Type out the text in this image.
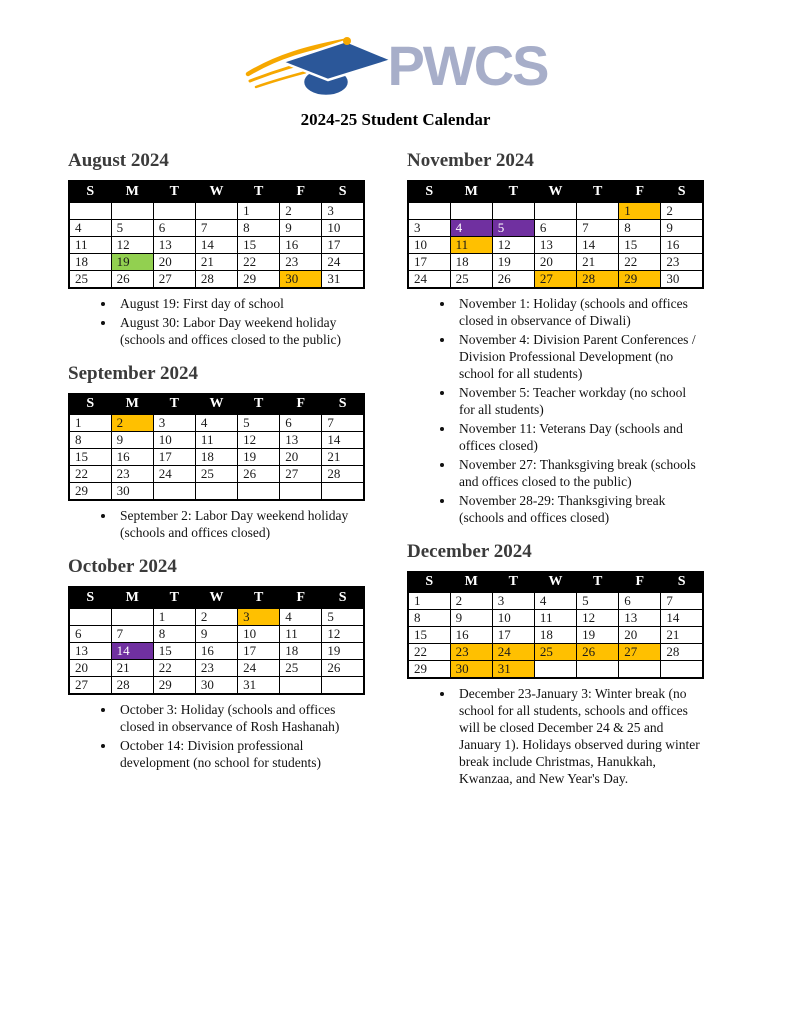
PWCS
2024-25 Student Calendar
August 2024
S	M	T	W	T	F	S
				1	2	3
4	5	6	7	8	9	10
11	12	13	14	15	16	17
18	19	20	21	22	23	24
25	26	27	28	29	30	31
• August 19: First day of school
• August 30: Labor Day weekend holiday (schools and offices closed to the public)
September 2024
S	M	T	W	T	F	S
1	2	3	4	5	6	7
8	9	10	11	12	13	14
15	16	17	18	19	20	21
22	23	24	25	26	27	28
29	30					
• September 2: Labor Day weekend holiday (schools and offices closed)
October 2024
S	M	T	W	T	F	S
		1	2	3	4	5
6	7	8	9	10	11	12
13	14	15	16	17	18	19
20	21	22	23	24	25	26
27	28	29	30	31		
• October 3: Holiday (schools and offices closed in observance of Rosh Hashanah)
• October 14: Division professional development (no school for students)
November 2024
S	M	T	W	T	F	S
					1	2
3	4	5	6	7	8	9
10	11	12	13	14	15	16
17	18	19	20	21	22	23
24	25	26	27	28	29	30
• November 1: Holiday (schools and offices closed in observance of Diwali)
• November 4: Division Parent Conferences / Division Professional Development (no school for all students)
• November 5: Teacher workday (no school for all students)
• November 11: Veterans Day (schools and offices closed)
• November 27: Thanksgiving break (schools and offices closed to the public)
• November 28-29: Thanksgiving break (schools and offices closed)
December 2024
S	M	T	W	T	F	S
1	2	3	4	5	6	7
8	9	10	11	12	13	14
15	16	17	18	19	20	21
22	23	24	25	26	27	28
29	30	31				
• December 23-January 3: Winter break (no school for all students, schools and offices will be closed December 24 & 25 and January 1). Holidays observed during winter break include Christmas, Hanukkah, Kwanzaa, and New Year's Day.
